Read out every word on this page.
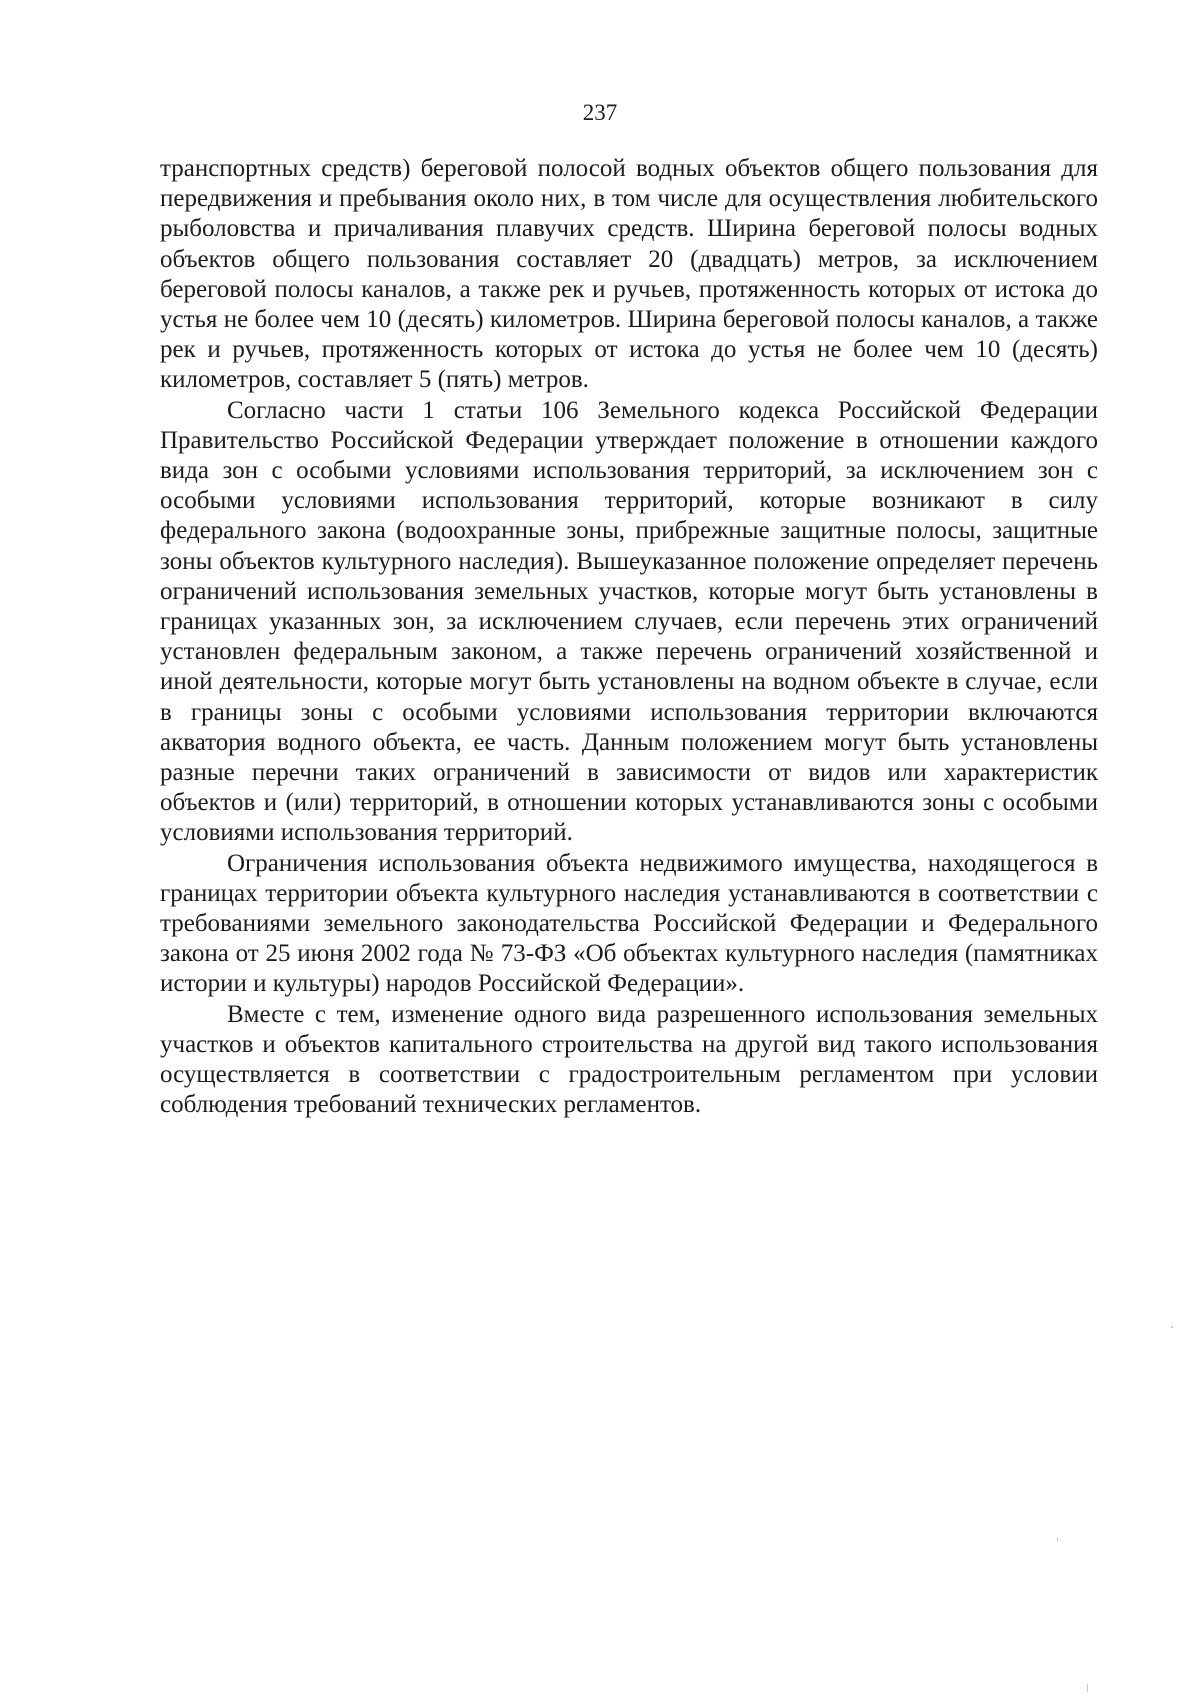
237

транспортных средств) береговой полосой водных объектов общего пользования для передвижения и пребывания около них, в том числе для осуществления любительского рыболовства и причаливания плавучих средств. Ширина береговой полосы водных объектов общего пользования составляет 20 (двадцать) метров, за исключением береговой полосы каналов, а также рек и ручьев, протяженность которых от истока до устья не более чем 10 (десять) километров. Ширина береговой полосы каналов, а также рек и ручьев, протяженность которых от истока до устья не более чем 10 (десять) километров, составляет 5 (пять) метров.

Согласно части 1 статьи 106 Земельного кодекса Российской Федерации Правительство Российской Федерации утверждает положение в отношении каждого вида зон с особыми условиями использования территорий, за исключением зон с особыми условиями использования территорий, которые возникают в силу федерального закона (водоохранные зоны, прибрежные защитные полосы, защитные зоны объектов культурного наследия). Вышеуказанное положение определяет перечень ограничений использования земельных участков, которые могут быть установлены в границах указанных зон, за исключением случаев, если перечень этих ограничений установлен федеральным законом, а также перечень ограничений хозяйственной и иной деятельности, которые могут быть установлены на водном объекте в случае, если в границы зоны с особыми условиями использования территории включаются акватория водного объекта, ее часть. Данным положением могут быть установлены разные перечни таких ограничений в зависимости от видов или характеристик объектов и (или) территорий, в отношении которых устанавливаются зоны с особыми условиями использования территорий.

Ограничения использования объекта недвижимого имущества, находящегося в границах территории объекта культурного наследия устанавливаются в соответствии с требованиями земельного законодательства Российской Федерации и Федерального закона от 25 июня 2002 года № 73-ФЗ «Об объектах культурного наследия (памятниках истории и культуры) народов Российской Федерации».

Вместе с тем, изменение одного вида разрешенного использования земельных участков и объектов капитального строительства на другой вид такого использования осуществляется в соответствии с градостроительным регламентом при условии соблюдения требований технических регламентов.
